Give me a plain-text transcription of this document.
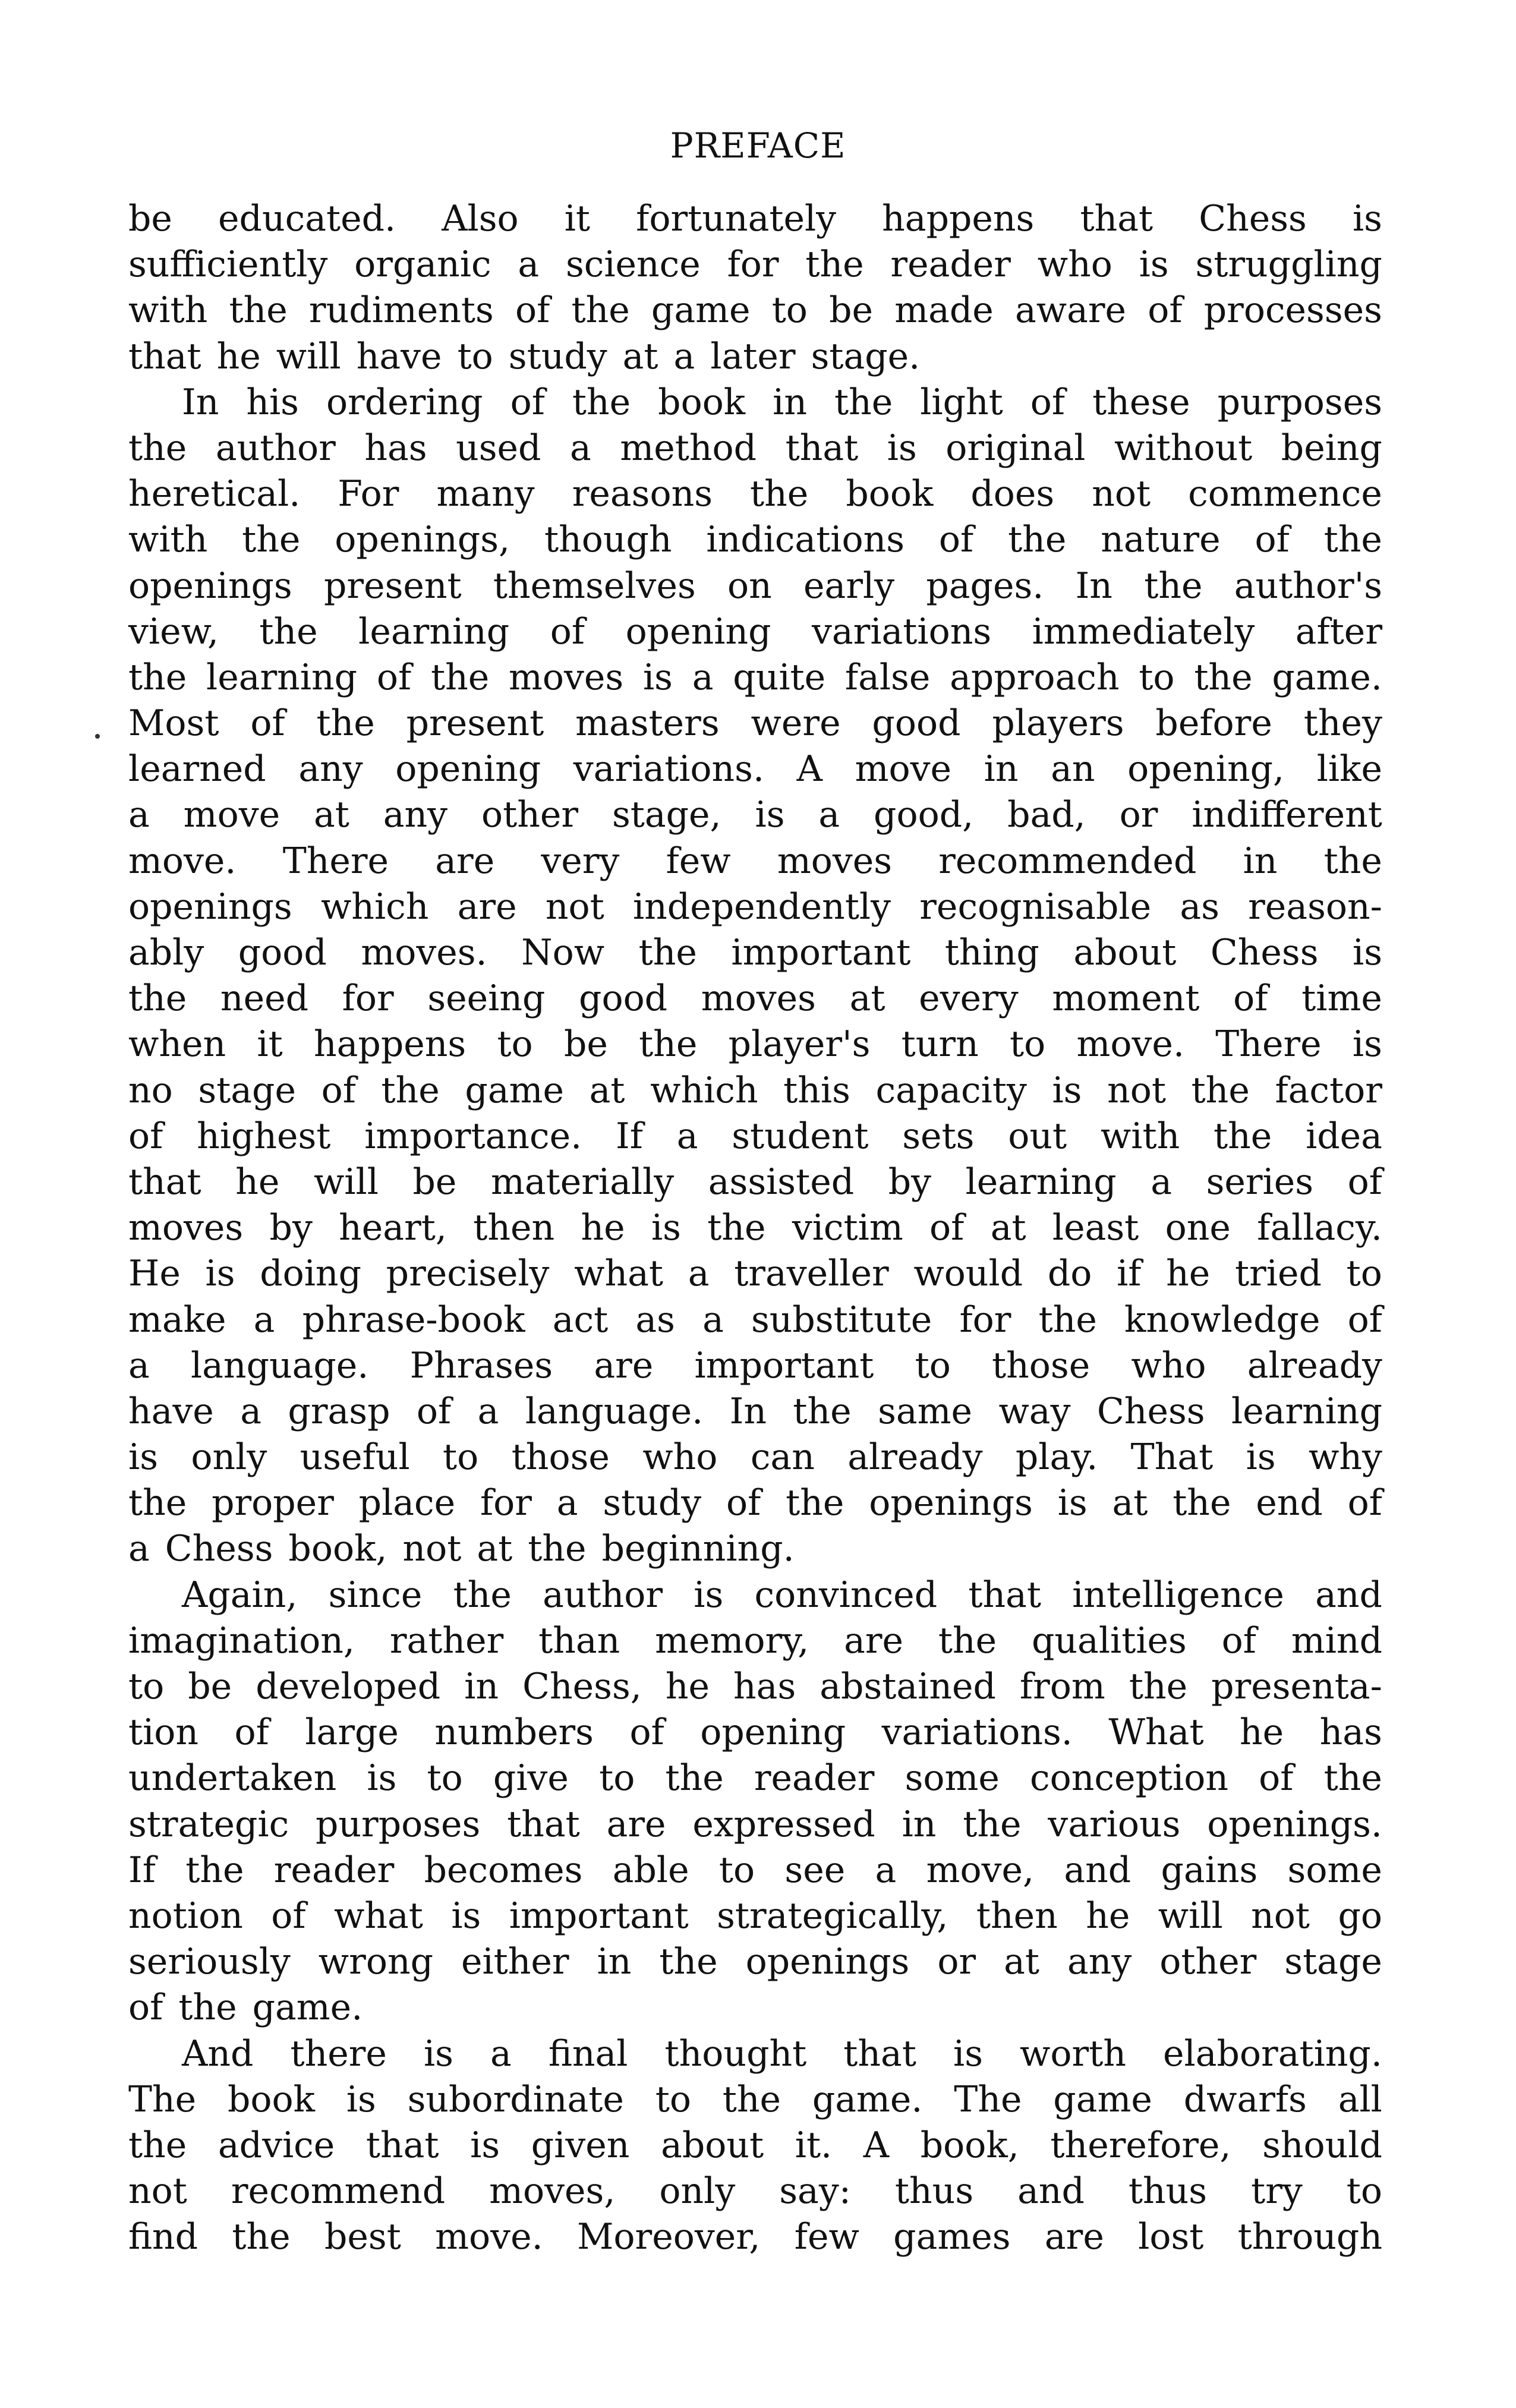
PREFACE
be educated. Also it fortunately happens that Chess is
sufficiently organic a science for the reader who is struggling
with the rudiments of the game to be made aware of processes
that he will have to study at a later stage.
In his ordering of the book in the light of these purposes
the author has used a method that is original without being
heretical. For many reasons the book does not commence
with the openings, though indications of the nature of the
openings present themselves on early pages. In the author's
view, the learning of opening variations immediately after
the learning of the moves is a quite false approach to the game.
Most of the present masters were good players before they
learned any opening variations. A move in an opening, like
a move at any other stage, is a good, bad, or indifferent
move. There are very few moves recommended in the
openings which are not independently recognisable as reason-
ably good moves. Now the important thing about Chess is
the need for seeing good moves at every moment of time
when it happens to be the player's turn to move. There is
no stage of the game at which this capacity is not the factor
of highest importance. If a student sets out with the idea
that he will be materially assisted by learning a series of
moves by heart, then he is the victim of at least one fallacy.
He is doing precisely what a traveller would do if he tried to
make a phrase-book act as a substitute for the knowledge of
a language. Phrases are important to those who already
have a grasp of a language. In the same way Chess learning
is only useful to those who can already play. That is why
the proper place for a study of the openings is at the end of
a Chess book, not at the beginning.
Again, since the author is convinced that intelligence and
imagination, rather than memory, are the qualities of mind
to be developed in Chess, he has abstained from the presenta-
tion of large numbers of opening variations. What he has
undertaken is to give to the reader some conception of the
strategic purposes that are expressed in the various openings.
If the reader becomes able to see a move, and gains some
notion of what is important strategically, then he will not go
seriously wrong either in the openings or at any other stage
of the game.
And there is a final thought that is worth elaborating.
The book is subordinate to the game. The game dwarfs all
the advice that is given about it. A book, therefore, should
not recommend moves, only say: thus and thus try to
find the best move. Moreover, few games are lost through
